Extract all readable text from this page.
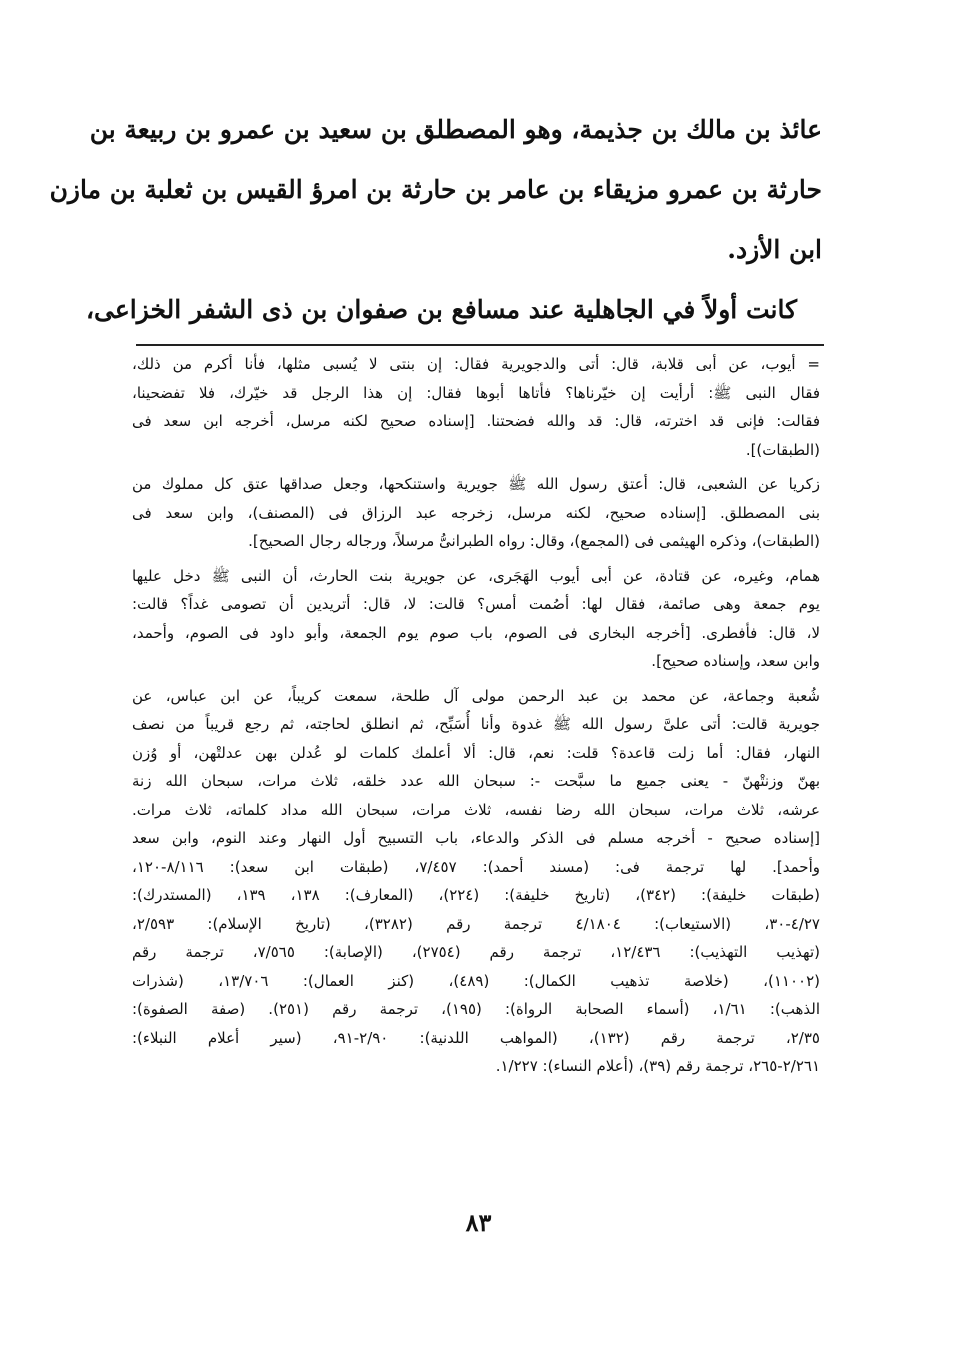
عائذ بن مالك بن جذيمة، وهو المصطلق بن سعيد بن عمرو بن ربيعة بن
حارثة بن عمرو مزيقاء بن عامر بن حارثة بن امرؤ القيس بن ثعلبة بن مازن
ابن الأزد.
كانت أولاً في الجاهلية عند مسافع بن صفوان بن ذى الشفر الخزاعى،
= أيوب، عن أبى قلابة، قال: أتى والدجويرية فقال: إن بنتى لا يُسبى مثلها، فأنا أكرم من ذلك،
فقال النبى ﷺ: أرأيت إن خيّرناها؟ فأتاها أبوها فقال: إن هذا الرجل قد خيّرك، فلا تفضحينا،
فقالت: فإنى قد اخترته، قال: قد والله فضحتنا. [إسناده صحيح لكنه مرسل، أخرجه ابن سعد فى
(الطبقات)].
زكريا عن الشعبى، قال: أعتق رسول الله ﷺ جويرية واستنكحها، وجعل صداقها عتق كل مملوك من
بنى المصطلق. [إسناده صحيح، لكنه مرسل، زخرجه عبد الرزاق فى (المصنف)، وابن سعد فى
(الطبقات)، وذكره الهيثمى فى (المجمع)، وقال: رواه الطبرانىُّ مرسلاً، ورجاله رجال الصحيح].
همام، وغيره، عن قتادة، عن أبى أيوب الهَجَرى، عن جويرية بنت الحارث، أن النبى ﷺ دخل عليها
يوم جمعة وهى صائمة، فقال لها: أصُمت أمس؟ قالت: لا، قال: أتريدين أن تصومى غداً؟ قالت:
لا، قال: فأفطرى. [أخرجه البخارى فى الصوم، باب صوم يوم الجمعة، وأبو داود فى الصوم، وأحمد،
وابن سعد، وإسناده صحيح].
شُعبة وجماعة، عن محمد بن عبد الرحمن مولى آل طلحة، سمعت كريباً، عن ابن عباس، عن
جويرية قالت: أتى علىَّ رسول الله ﷺ غدوة وأنا أُسَبِّح، ثم انطلق لحاجته، ثم رجع قريباً من نصف
النهار، فقال: أما زلت قاعدة؟ قلت: نعم، قال: ألا أعلمك كلمات لو عُدلن بهن عدلتْهن، أو وُزن
بهنّ وزنتْهنّ - يعنى جميع ما سبَّحت -: سبحان الله عدد خلقه، ثلاث مرات، سبحان الله زنة
عرشه، ثلاث مرات، سبحان الله رضا نفسه، ثلاث مرات، سبحان الله مداد كلماته، ثلاث مرات.
[إسناده صحيح - أخرجه مسلم فى الذكر والدعاء، باب التسبيح أول النهار وعند النوم، وابن سعد
وأحمد]. لها ترجمة فى: (مسند أحمد): ٧/٤٥٧، (طبقات ابن سعد): ٨/١١٦-١٢٠،
(طبقات خليفة): (٣٤٢)، (تاريخ خليفة): (٢٢٤)، (المعارف): ١٣٨، ١٣٩، (المستدرك):
٤/٢٧-٣٠، (الاستيعاب): ٤/١٨٠٤ ترجمة رقم (٣٢٨٢)، (تاريخ الإسلام): ٢/٥٩٣،
(تهذيب التهذيب): ١٢/٤٣٦، ترجمة رقم (٢٧٥٤)، (الإصابة): ٧/٥٦٥، ترجمة رقم
(١١٠٠٢)، (خلاصة تذهيب الكمال): (٤٨٩)، (كنز العمال): ١٣/٧٠٦، (شذرات
الذهب): ١/٦١، (أسماء الصحابة الرواة): (١٩٥)، ترجمة رقم (٢٥١). (صفة الصفوة):
٢/٣٥، ترجمة رقم (١٣٢)، (المواهب اللدنية): ٢/٩٠-٩١، (سير أعلام النبلاء):
٢/٢٦١-٢٦٥، ترجمة رقم (٣٩)، (أعلام النساء): ١/٢٢٧.
٨٣
